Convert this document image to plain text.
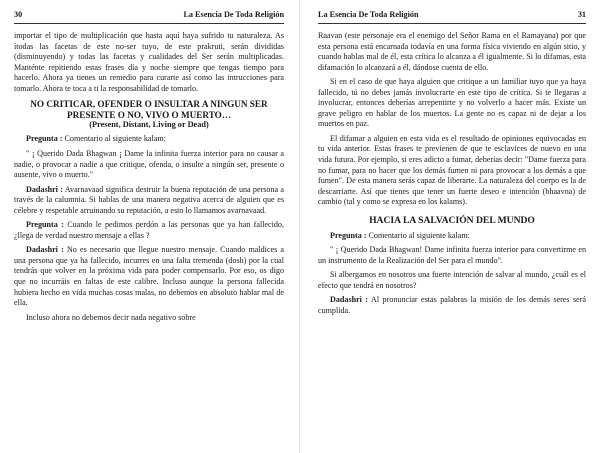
30	La Esencia De Toda Religión

importar el tipo de multiplicación que hasta aquí haya sufrido tu naturaleza. As ítodas las facetas de este no-ser tuyo, de este prakruti, serán divididas (disminuyendo) y todas las facetas y cualidades del Ser serán multiplicadas. Manténte repitiendo estas frases día y noche siempre que tengas tiempo para hacerlo. Ahora ya tienes un remedio para curarte así como las intrucciones para tomarlo. Ahora te toca a ti la responsabilidad de tomarlo.

NO CRITICAR, OFENDER O INSULTAR A NINGUN SER PRESENTE O NO, VIVO O MUERTO…
(Present, Distant, Living or Dead)

Pregunta : Comentario al siguiente kalam:

" ¡ Querido Dada Bhagwan ¡ Dame la infinita fuerza interior para no causar a nadie, o provocar a nadie a que critique, ofenda, o insulte a ningún ser, presente o ausente, vivo o muerto."

Dadashri : Avarnavaad significa destruir la buena reputación de una persona a través de la calumnia. Si hablas de una manera negativa acerca de alguien que es célebre y respetable arruinando su reputación, a esto lo llamamos avarnavaad.

Pregunta : Cuando le pedimos perdón a las personas que ya han fallecido, ¿llega de verdad nuestro mensaje a ellas ?

Dadashri : No es necesario que llegue nuestro mensaje. Cuando maldices a una persona que ya ha fallecido, incurres en una falta tremenda (dosh) por la cual tendrás que volver en la próxima vida para poder compensarlo. Por eso, os digo que no incurráis en faltas de este calibre. Incluso aunque la persona fallecida hubiera hecho en vida muchas cosas malas, no debemos en absoluto hablar mal de ella.

Incluso ahora no debemos decir nada negativo sobre

La Esencia De Toda Religión	31

Raavan (este personaje era el enemigo del Señor Rama en el Ramayana) por que esta persona está encarnada todavía en una forma física viviendo en algún sitio, y cuando hablas mal de él, esta crítica lo alcanza a él igualmente. Si lo difamas, esta difamación lo alcanzará a él, dándose cuenta de ello.

Si en el caso de que haya alguien que critique a un familiar tuyo que ya haya fallecido, tú no debes jamás involucrarte en este tipo de crítica. Si te llegaras a involucrar, entonces deberías arrepentirte y no volverlo a hacer más. Existe un grave peligro en hablar de los muertos. La gente no es capaz ni de dejar a los muertos en paz.

El difamar a alguien en esta vida es el resultado de opiniones equivocadas en tu vida anterior. Estas frases te previenen de que te esclavices de nuevo en una vida futura. Por ejemplo, si eres adicto a fumar, deberías decir: "Dame fuerza para no fumar, para no hacer que los demás fumen ni para provocar a los demás a que fumen". De esta manera serás capaz de liberarte. La naturaleza del cuerpo es la de descarriarte. Así que tienes que tener un fuerte deseo e intención (bhaavna) de cambio (tal y como se expresa en los kalams).

HACIA LA SALVACIÓN DEL MUNDO

Pregunta : Comentario al siguiente kalam:

" ¡ Querido Dada Bhagwan! Dame infinita fuerza interior para convertirme en un instrumento de la Realización del Ser para el mundo".

Si albergamos en nosotros una fuerte intención de salvar al mundo, ¿cuál es el efecto que tendrá en nosotros?

Dadashri : Al pronunciar estas palabras la misión de los demás seres será cumplida.
